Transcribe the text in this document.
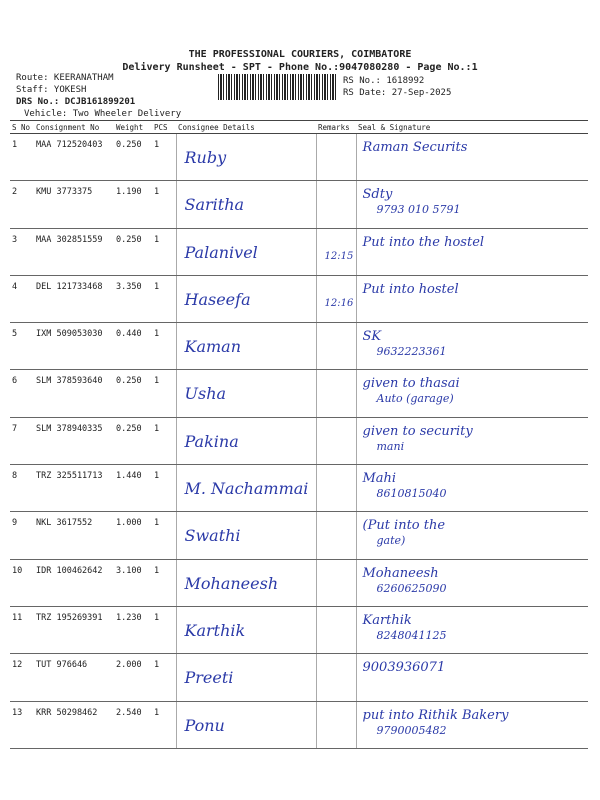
THE PROFESSIONAL COURIERS, COIMBATORE
Delivery Runsheet - SPT - Phone No.:9047080280 - Page No.:1
Route: KEERANATHAM
Staff: YOKESH
DRS No.: DCJB161899201
Vehicle: Two Wheeler Delivery
RS No.: 1618992
RS Date: 27-Sep-2025
S No	Consignment No	Weight	PCS	Consignee Details	Remarks	Seal & Signature
1	MAA 712520403	0.250	1	Ruby		Raman Securits

2	KMU 3773375	1.190	1	Saritha		Sdty
9793 010 5791

3	MAA 302851559	0.250	1	Palanivel	12:15	Put into the hostel

4	DEL 121733468	3.350	1	Haseefa	12:16	Put into hostel

5	IXM 509053030	0.440	1	Kaman		SK
9632223361

6	SLM 378593640	0.250	1	Usha		given to thasai
Auto (garage)

7	SLM 378940335	0.250	1	Pakina		given to security
mani

8	TRZ 325511713	1.440	1	M. Nachammai		Mahi
8610815040

9	NKL 3617552	1.000	1	Swathi		(Put into the
gate)

10	IDR 100462642	3.100	1	Mohaneesh		Mohaneesh
6260625090

11	TRZ 195269391	1.230	1	Karthik		Karthik
8248041125

12	TUT 976646	2.000	1	Preeti		9003936071

13	KRR 50298462	2.540	1	Ponu		put into Rithik Bakery
9790005482
